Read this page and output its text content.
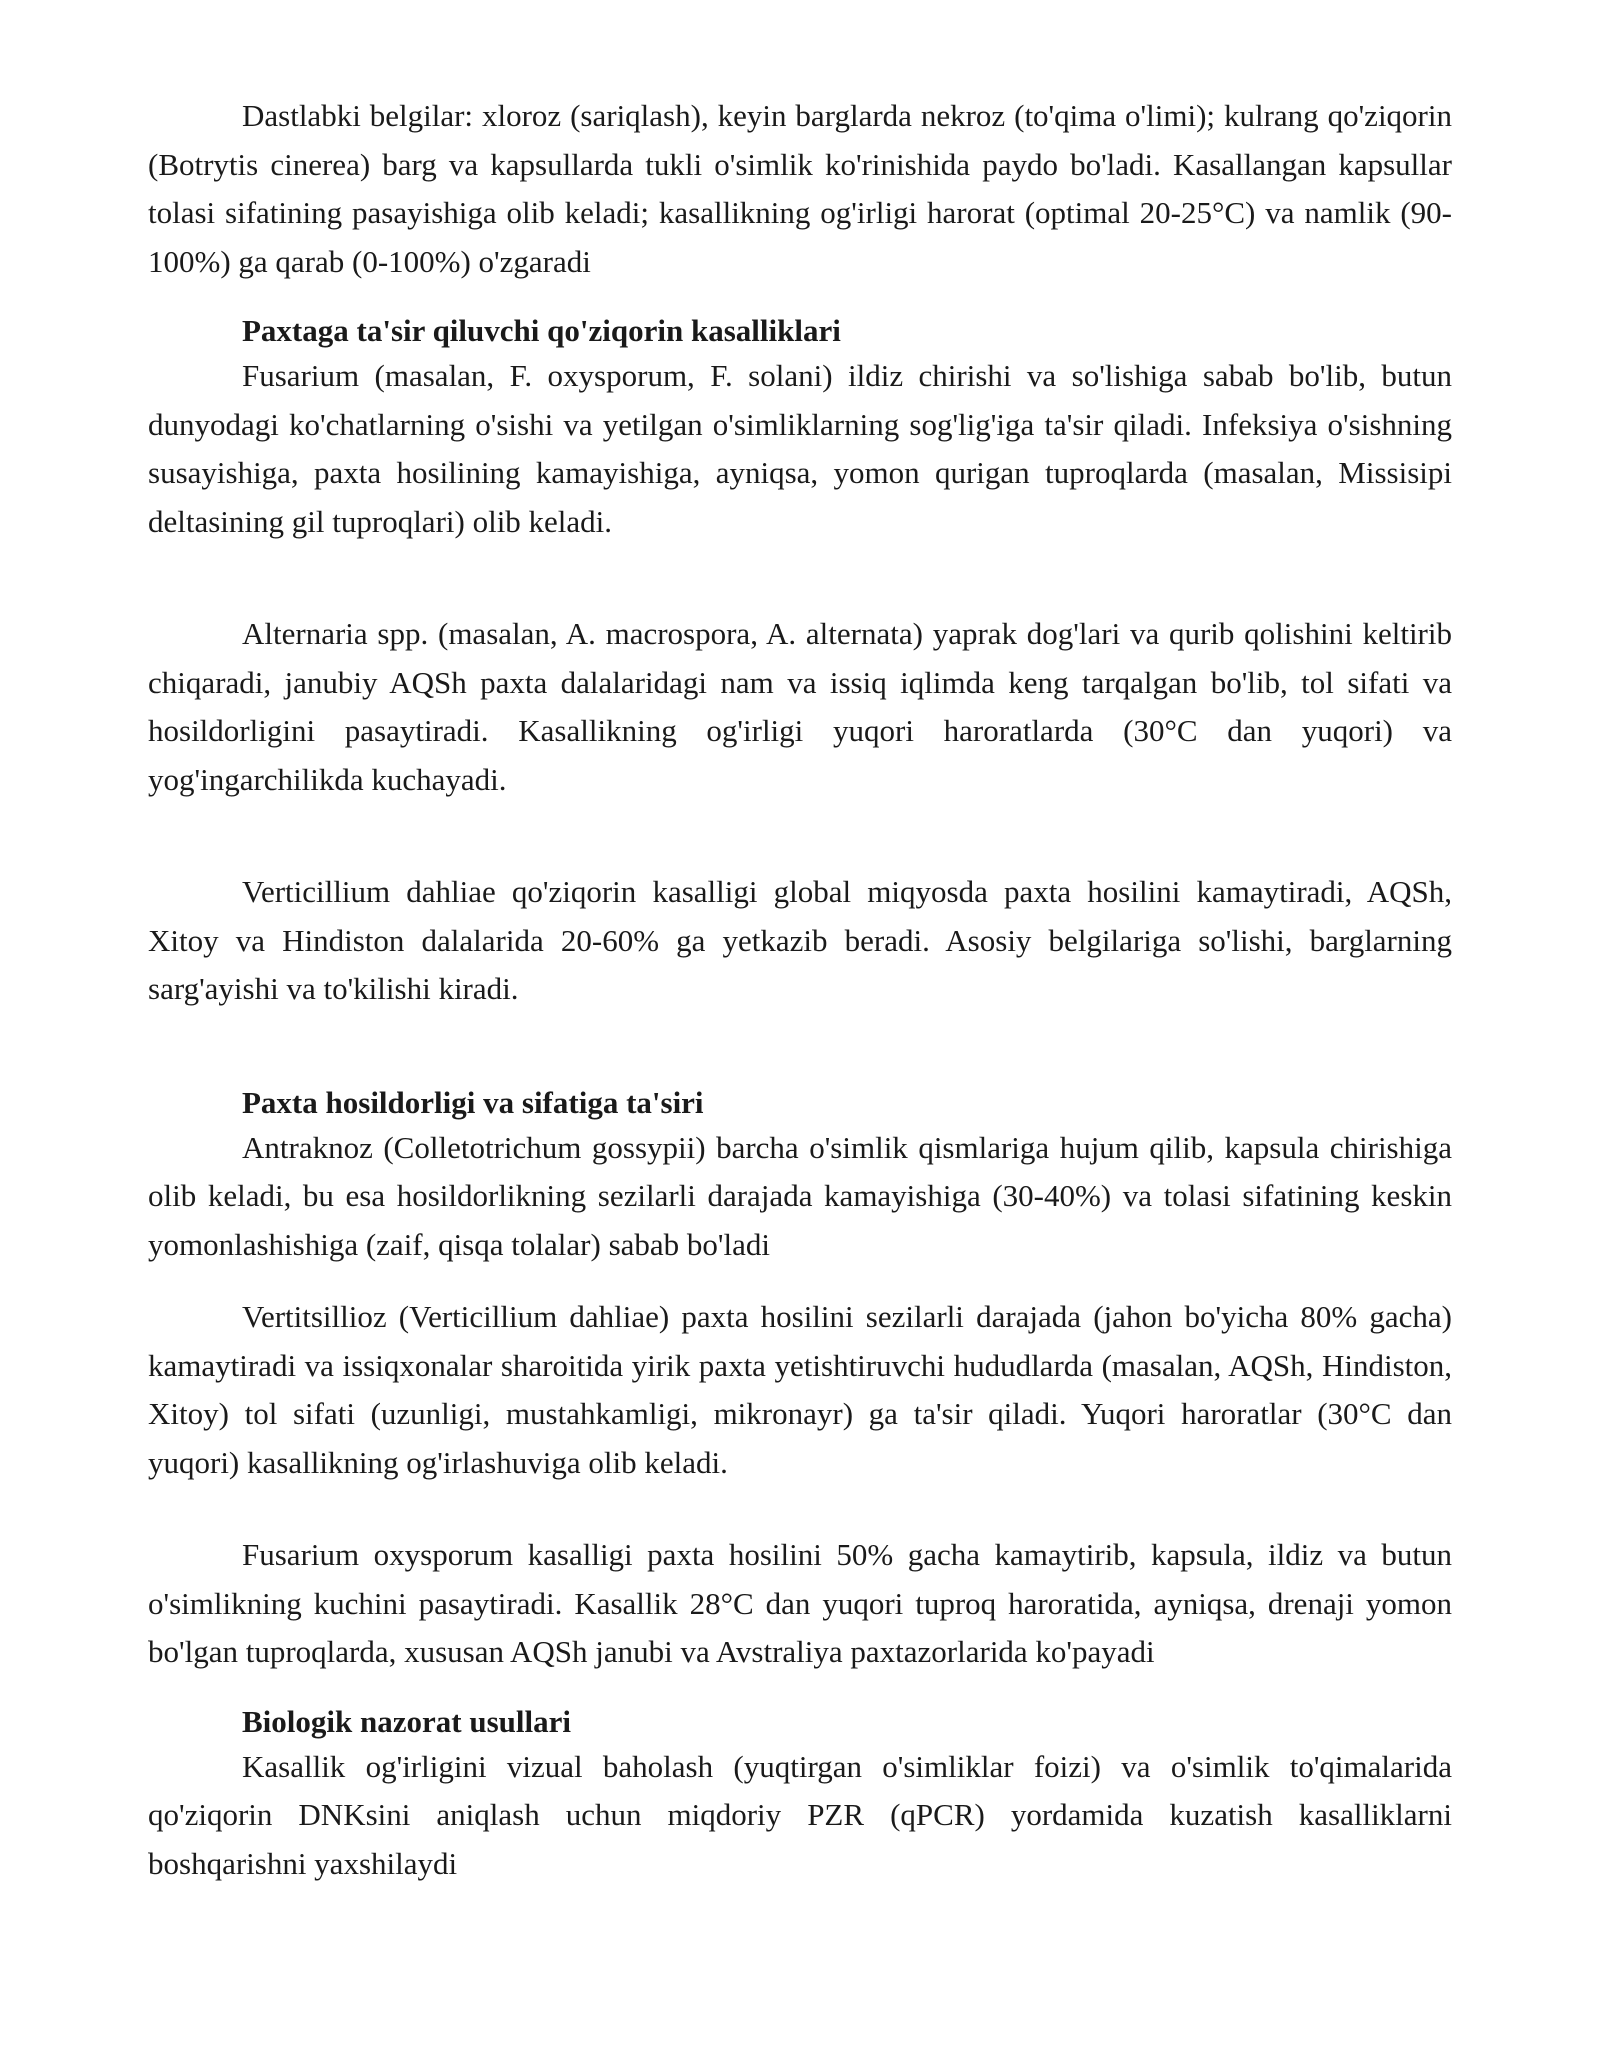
Dastlabki belgilar: xloroz (sariqlash), keyin barglarda nekroz (to'qima o'limi); kulrang qo'ziqorin (Botrytis cinerea) barg va kapsullarda tukli o'simlik ko'rinishida paydo bo'ladi. Kasallangan kapsullar tolasi sifatining pasayishiga olib keladi; kasallikning og'irligi harorat (optimal 20-25°C) va namlik (90-100%) ga qarab (0-100%) o'zgaradi

Paxtaga ta'sir qiluvchi qo'ziqorin kasalliklari

Fusarium (masalan, F. oxysporum, F. solani) ildiz chirishi va so'lishiga sabab bo'lib, butun dunyodagi ko'chatlarning o'sishi va yetilgan o'simliklarning sog'lig'iga ta'sir qiladi. Infeksiya o'sishning susayishiga, paxta hosilining kamayishiga, ayniqsa, yomon qurigan tuproqlarda (masalan, Missisipi deltasining gil tuproqlari) olib keladi.

Alternaria spp. (masalan, A. macrospora, A. alternata) yaprak dog'lari va qurib qolishini keltirib chiqaradi, janubiy AQSh paxta dalalaridagi nam va issiq iqlimda keng tarqalgan bo'lib, tol sifati va hosildorligini pasaytiradi. Kasallikning og'irligi yuqori haroratlarda (30°C dan yuqori) va yog'ingarchilikda kuchayadi.

Verticillium dahliae qo'ziqorin kasalligi global miqyosda paxta hosilini kamaytiradi, AQSh, Xitoy va Hindiston dalalarida 20-60% ga yetkazib beradi. Asosiy belgilariga so'lishi, barglarning sarg'ayishi va to'kilishi kiradi.

Paxta hosildorligi va sifatiga ta'siri

Antraknoz (Colletotrichum gossypii) barcha o'simlik qismlariga hujum qilib, kapsula chirishiga olib keladi, bu esa hosildorlikning sezilarli darajada kamayishiga (30-40%) va tolasi sifatining keskin yomonlashishiga (zaif, qisqa tolalar) sabab bo'ladi

Vertitsillioz (Verticillium dahliae) paxta hosilini sezilarli darajada (jahon bo'yicha 80% gacha) kamaytiradi va issiqxonalar sharoitida yirik paxta yetishtiruvchi hududlarda (masalan, AQSh, Hindiston, Xitoy) tol sifati (uzunligi, mustahkamligi, mikronayr) ga ta'sir qiladi. Yuqori haroratlar (30°C dan yuqori) kasallikning og'irlashuviga olib keladi.

Fusarium oxysporum kasalligi paxta hosilini 50% gacha kamaytirib, kapsula, ildiz va butun o'simlikning kuchini pasaytiradi. Kasallik 28°C dan yuqori tuproq haroratida, ayniqsa, drenaji yomon bo'lgan tuproqlarda, xususan AQSh janubi va Avstraliya paxtazorlarida ko'payadi

Biologik nazorat usullari

Kasallik og'irligini vizual baholash (yuqtirgan o'simliklar foizi) va o'simlik to'qimalarida qo'ziqorin DNKsini aniqlash uchun miqdoriy PZR (qPCR) yordamida kuzatish kasalliklarni boshqarishni yaxshilaydi
